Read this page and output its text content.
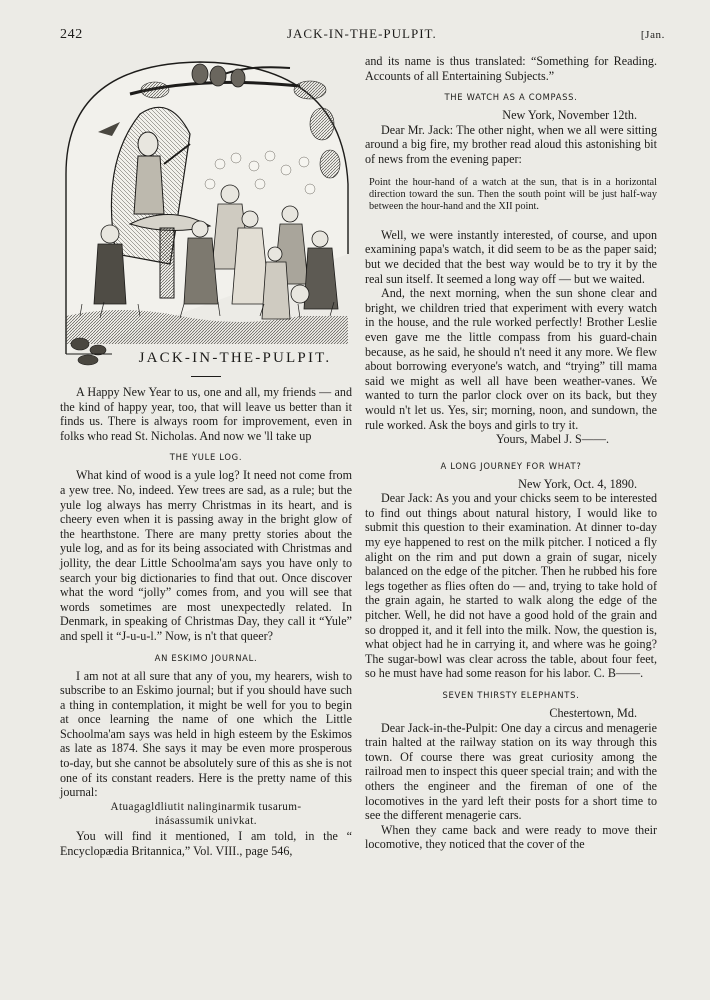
242	JACK-IN-THE-PULPIT.	[Jan.
JACK-IN-THE-PULPIT.

A Happy New Year to us, one and all, my friends — and the kind of happy year, too, that will leave us better than it finds us. There is always room for improvement, even in folks who read St. Nicholas. And now we 'll take up

THE YULE LOG.

What kind of wood is a yule log? It need not come from a yew tree. No, indeed. Yew trees are sad, as a rule; but the yule log always has merry Christmas in its heart, and is cheery even when it is passing away in the bright glow of the hearthstone. There are many pretty stories about the yule log, and as for its being associated with Christmas and jollity, the dear Little Schoolma'am says you have only to search your big dictionaries to find that out. Once discover what the word “jolly” comes from, and you will see that words sometimes are most unexpectedly related. In Denmark, in speaking of Christmas Day, they call it “Yule” and spell it “J-u-u-l.” Now, is n't that queer?

AN ESKIMO JOURNAL.

I am not at all sure that any of you, my hearers, wish to subscribe to an Eskimo journal; but if you should have such a thing in contemplation, it might be well for you to begin at once learning the name of one which the Little Schoolma'am says was held in high esteem by the Eskimos as late as 1874. She says it may be even more prosperous to-day, but she cannot be absolutely sure of this as she is not one of its constant readers. Here is the pretty name of this journal:

Atuagagldliutit nalinginarmik tusarum-
inásassumik univkat.

You will find it mentioned, I am told, in the “ Encyclopædia Britannica,” Vol. VIII., page 546,

and its name is thus translated: “Something for Reading. Accounts of all Entertaining Subjects.”

THE WATCH AS A COMPASS.
New York, November 12th.

Dear Mr. Jack: The other night, when we all were sitting around a big fire, my brother read aloud this astonishing bit of news from the evening paper:

Point the hour-hand of a watch at the sun, that is in a horizontal direction toward the sun. Then the south point will be just half-way between the hour-hand and the XII point.

Well, we were instantly interested, of course, and upon examining papa's watch, it did seem to be as the paper said; but we decided that the best way would be to try it by the real sun itself. It seemed a long way off — but we waited.

And, the next morning, when the sun shone clear and bright, we children tried that experiment with every watch in the house, and the rule worked perfectly! Brother Leslie even gave me the little compass from his guard-chain because, as he said, he should n't need it any more. We flew about borrowing everyone's watch, and “trying” till mama said we might as well all have been weather-vanes. We wanted to turn the parlor clock over on its back, but they would n't let us. Yes, sir; morning, noon, and sundown, the rule worked. Ask the boys and girls to try it.

Yours, Mabel J. S——.
A LONG JOURNEY FOR WHAT?
New York, Oct. 4, 1890.

Dear Jack: As you and your chicks seem to be interested to find out things about natural history, I would like to submit this question to their examination. At dinner to-day my eye happened to rest on the milk pitcher. I noticed a fly alight on the rim and put down a grain of sugar, nicely balanced on the edge of the pitcher. Then he rubbed his fore legs together as flies often do — and, trying to take hold of the grain again, he started to walk along the edge of the pitcher. Well, he did not have a good hold of the grain and so dropped it, and it fell into the milk. Now, the question is, what object had he in carrying it, and where was he going? The sugar-bowl was clear across the table, about four feet, so he must have had some reason for his labor. C. B——.

SEVEN THIRSTY ELEPHANTS.
Chestertown, Md.

Dear Jack-in-the-Pulpit: One day a circus and menagerie train halted at the railway station on its way through this town. Of course there was great curiosity among the railroad men to inspect this queer special train; and with the others the engineer and the fireman of one of the locomotives in the yard left their posts for a short time to see the different menagerie cars.

When they came back and were ready to move their locomotive, they noticed that the cover of the
